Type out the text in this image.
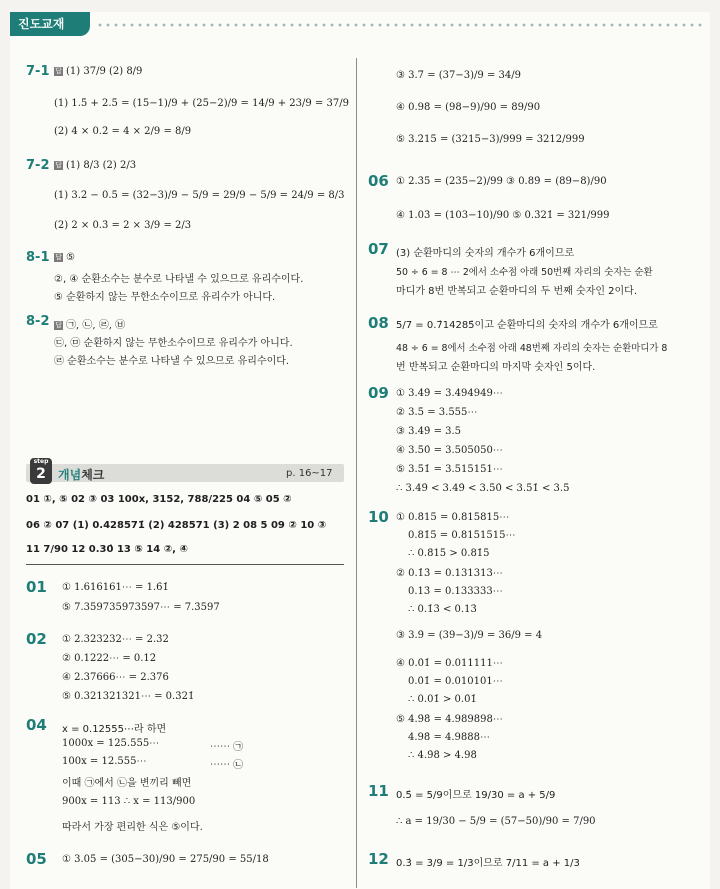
진도교재
7-1 답 (1) 37/9 (2) 8/9
(1) 1.5̇ + 2.5̇ = (15−1)/9 + (25−2)/9 = 14/9 + 23/9 = 37/9
(2) 4 × 0.2̇ = 4 × 2/9 = 8/9
7-2 답 (1) 8/3 (2) 2/3
(1) 3.2̇ − 0.5̇ = (32−3)/9 − 5/9 = 29/9 − 5/9 = 24/9 = 8/3
(2) 2 × 0.3̇ = 2 × 3/9 = 2/3
8-1 답 ⑤
②, ④ 순환소수는 분수로 나타낼 수 있으므로 유리수이다.
⑤ 순환하지 않는 무한소수이므로 유리수가 아니다.
8-2 답 ㉠, ㉡, ㉣, ㉥
㉢, ㉤ 순환하지 않는 무한소수이므로 유리수가 아니다.
㉣ 순환소수는 분수로 나타낼 수 있으므로 유리수이다.
step
2	개념체크	p. 16~17
01 ①, ⑤ 02 ③ 03 100x, 3152, 788/225 04 ⑤ 05 ②
06 ② 07 (1) 0.428571̇ (2) 428571 (3) 2 08 5 09 ② 10 ③
11 7/90 12 0.30̇ 13 ⑤ 14 ②, ④
01 ① 1.616161⋯ = 1.6̇1̇
⑤ 7.359735973597⋯ = 7.3̇597̇
02 ① 2.323232⋯ = 2.3̇2̇
② 0.1222⋯ = 0.12̇
④ 2.37666⋯ = 2.376̇
⑤ 0.321321321⋯ = 0.3̇21̇
04 x = 0.12555⋯라 하면
1000x = 125.555⋯	⋯⋯ ㉠
100x = 12.555⋯	⋯⋯ ㉡
이때 ㉠에서 ㉡을 변끼리 빼면
900x = 113 ∴ x = 113/900
따라서 가장 편리한 식은 ⑤이다.
05 ① 3.05̇ = (305−30)/90 = 275/90 = 55/18
③ 3.7̇ = (37−3)/9 = 34/9
④ 0.98̇ = (98−9)/90 = 89/90
⑤ 3.2̇15̇ = (3215−3)/999 = 3212/999
06 ① 2.3̇5̇ = (235−2)/99 ③ 0.89̇ = (89−8)/90
④ 1.03̇ = (103−10)/90 ⑤ 0.3̇21̇ = 321/999
07 (3) 순환마디의 숫자의 개수가 6개이므로
50 ÷ 6 = 8 ⋯ 2에서 소수점 아래 50번째 자리의 숫자는 순환
마디가 8번 반복되고 순환마디의 두 번째 숫자인 2이다.
08 5/7 = 0.7̇14285̇이고 순환마디의 숫자의 개수가 6개이므로
48 ÷ 6 = 8에서 소수점 아래 48번째 자리의 숫자는 순환마디가 8
번 반복되고 순환마디의 마지막 숫자인 5이다.
09 ① 3.4̇9̇ = 3.494949⋯
② 3.5̇ = 3.555⋯
③ 3.49̇ = 3.5
④ 3.5̇0̇ = 3.505050⋯
⑤ 3.5̇1̇ = 3.515151⋯
∴ 3.4̇9̇ < 3.49̇ < 3.5̇0̇ < 3.5̇1̇ < 3.5̇
10 ① 0.8̇15̇ = 0.815815⋯
0.81̇5̇ = 0.8151515⋯
∴ 0.8̇15̇ > 0.81̇5̇
② 0.1̇3̇ = 0.131313⋯
0.13̇ = 0.133333⋯
∴ 0.1̇3̇ < 0.13̇
③ 3.9̇ = (39−3)/9 = 36/9 = 4
④ 0.0̇1̇ = 0.011111⋯
0.0̇1̇ = 0.010101⋯
∴ 0.01̇ > 0.0̇1̇
⑤ 4.9̇8̇ = 4.989898⋯
4.98̇ = 4.9888⋯
∴ 4.9̇8̇ > 4.98̇
11 0.5̇ = 5/9이므로 19/30 = a + 5/9
∴ a = 19/30 − 5/9 = (57−50)/90 = 7/90
12 0.3̇ = 3/9 = 1/3이므로 7/11 = a + 1/3
